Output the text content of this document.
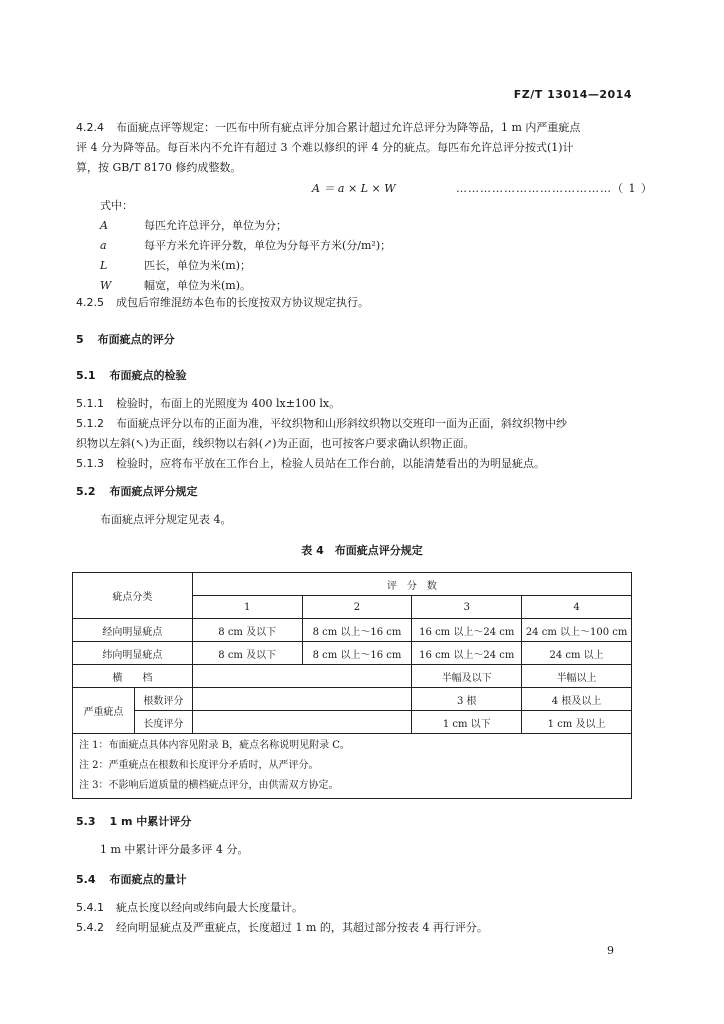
FZ/T 13014—2014
4.2.4 布面疵点评等规定：一匹布中所有疵点评分加合累计超过允许总评分为降等品，1 m 内严重疵点
评 4 分为降等品。每百米内不允许有超过 3 个难以修织的评 4 分的疵点。每匹布允许总评分按式(1)计
算，按 GB/T 8170 修约成整数。
A ＝ a × L × W	…………………………………（ 1 ）
式中：
A	每匹允许总评分，单位为分；
a	每平方米允许评分数，单位为分每平方米(分/m²)；
L	匹长，单位为米(m)；
W	幅宽，单位为米(m)。
4.2.5 成包后帘维混纺本色布的长度按双方协议规定执行。
5 布面疵点的评分
5.1 布面疵点的检验
5.1.1 检验时，布面上的光照度为 400 lx±100 lx。
5.1.2 布面疵点评分以布的正面为准，平纹织物和山形斜纹织物以交班印一面为正面，斜纹织物中纱
织物以左斜(↖)为正面，线织物以右斜(↗)为正面，也可按客户要求确认织物正面。
5.1.3 检验时，应将布平放在工作台上，检验人员站在工作台前，以能清楚看出的为明显疵点。
5.2 布面疵点评分规定
布面疵点评分规定见表 4。
表 4　布面疵点评分规定
疵点分类		评　分　数			
		1	2	3	4
经向明显疵点		8 cm 及以下	8 cm 以上～16 cm	16 cm 以上～24 cm	24 cm 以上～100 cm
纬向明显疵点		8 cm 及以下	8 cm 以上～16 cm	16 cm 以上～24 cm	24 cm 以上
横　　档				半幅及以下	半幅以上
严重疵点	根数评分			3 根	4 根及以上
	长度评分			1 cm 以下	1 cm 及以上

注 1：布面疵点具体内容见附录 B，疵点名称说明见附录 C。
注 2：严重疵点在根数和长度评分矛盾时，从严评分。
注 3：不影响后道质量的横档疵点评分，由供需双方协定。					
5.3 1 m 中累计评分
1 m 中累计评分最多评 4 分。
5.4 布面疵点的量计
5.4.1 疵点长度以经向或纬向最大长度量计。
5.4.2 经向明显疵点及严重疵点，长度超过 1 m 的，其超过部分按表 4 再行评分。
9
